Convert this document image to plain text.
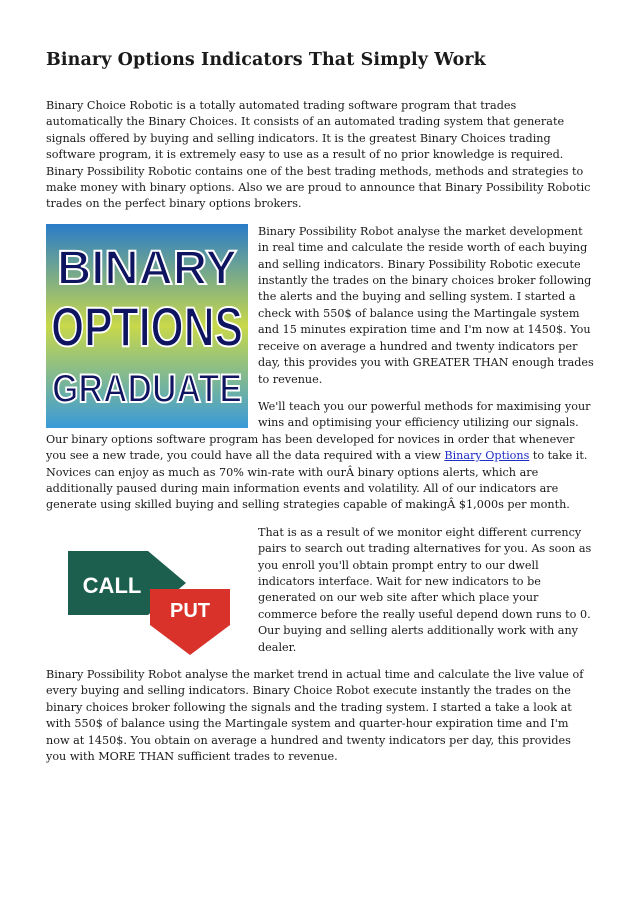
Binary Options Indicators That Simply Work

Binary Choice Robotic is a totally automated trading software program that trades automatically the Binary Choices. It consists of an automated trading system that generate signals offered by buying and selling indicators. It is the greatest Binary Choices trading software program, it is extremely easy to use as a result of no prior knowledge is required. Binary Possibility Robotic contains one of the best trading methods, methods and strategies to make money with binary options. Also we are proud to announce that Binary Possibility Robotic trades on the perfect binary options brokers.

BINARY
OPTIONS
GRADUATE

Binary Possibility Robot analyse the market development in real time and calculate the reside worth of each buying and selling indicators. Binary Possibility Robotic execute instantly the trades on the binary choices broker following the alerts and the buying and selling system. I started a check with 550$ of balance using the Martingale system and 15 minutes expiration time and I'm now at 1450$. You receive on average a hundred and twenty indicators per day, this provides you with GREATER THAN enough trades to revenue.

We'll teach you our powerful methods for maximising your wins and optimising your efficiency utilizing our signals. Our binary options software program has been developed for novices in order that whenever you see a new trade, you could have all the data required with a view Binary Options to take it. Novices can enjoy as much as 70% win-rate with ourÂ binary options alerts, which are additionally paused during main information events and volatility. All of our indicators are generate using skilled buying and selling strategies capable of makingÂ $1,000s per month.

CALL
PUT

That is as a result of we monitor eight different currency pairs to search out trading alternatives for you. As soon as you enroll you'll obtain prompt entry to our dwell indicators interface. Wait for new indicators to be generated on our web site after which place your commerce before the really useful depend down runs to 0. Our buying and selling alerts additionally work with any dealer.

Binary Possibility Robot analyse the market trend in actual time and calculate the live value of every buying and selling indicators. Binary Choice Robot execute instantly the trades on the binary choices broker following the signals and the trading system. I started a take a look at with 550$ of balance using the Martingale system and quarter-hour expiration time and I'm now at 1450$. You obtain on average a hundred and twenty indicators per day, this provides you with MORE THAN sufficient trades to revenue.
